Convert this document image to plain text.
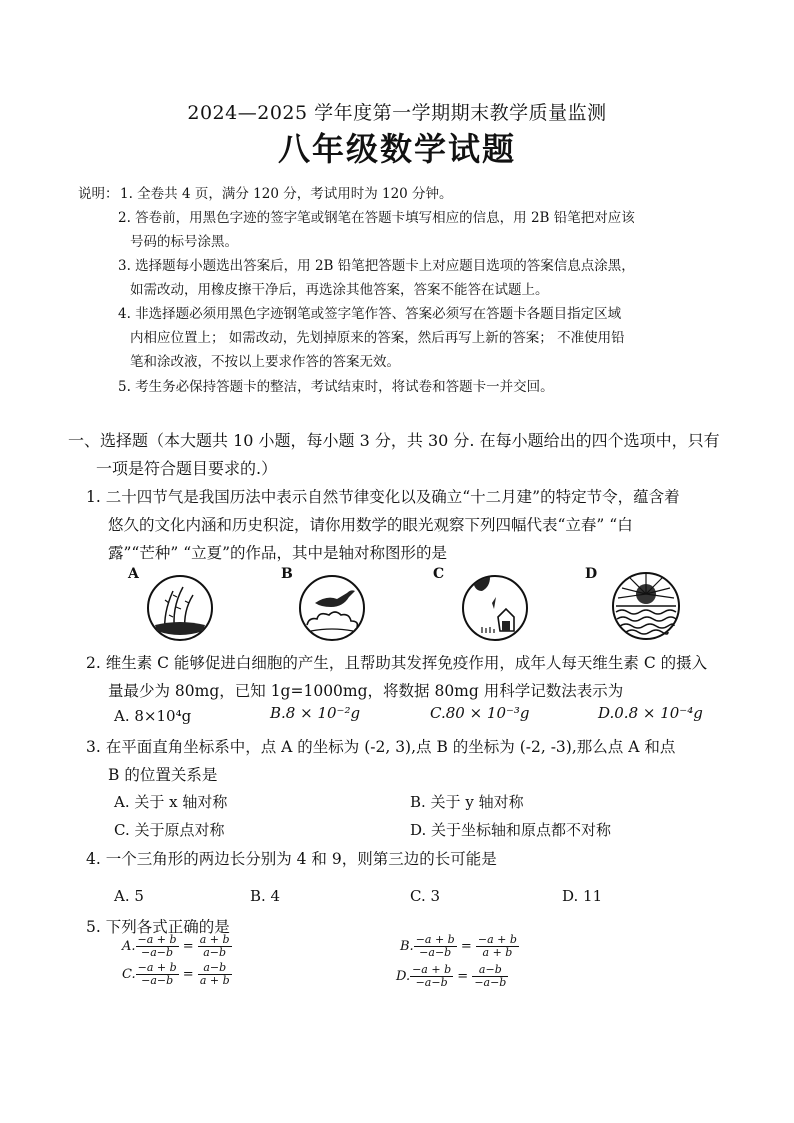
2024—2025 学年度第一学期期末教学质量监测
八年级数学试题
说明： 1. 全卷共 4 页，满分 120 分，考试用时为 120 分钟。
2. 答卷前，用黑色字迹的签字笔或钢笔在答题卡填写相应的信息，用 2B 铅笔把对应该
号码的标号涂黑。
3. 选择题每小题选出答案后，用 2B 铅笔把答题卡上对应题目选项的答案信息点涂黑，
如需改动，用橡皮擦干净后，再选涂其他答案，答案不能答在试题上。
4. 非选择题必须用黑色字迹钢笔或签字笔作答、答案必须写在答题卡各题目指定区域
内相应位置上； 如需改动，先划掉原来的答案，然后再写上新的答案； 不准使用铅
笔和涂改液，不按以上要求作答的答案无效。
5. 考生务必保持答题卡的整洁，考试结束时，将试卷和答题卡一并交回。
一、选择题（本大题共 10 小题，每小题 3 分，共 30 分. 在每小题给出的四个选项中，只有
一项是符合题目要求的.）
1. 二十四节气是我国历法中表示自然节律变化以及确立“十二月建”的特定节令，蕴含着
悠久的文化内涵和历史积淀，请你用数学的眼光观察下列四幅代表“立春” “白
露”“芒种” “立夏”的作品，其中是轴对称图形的是
A	B	C	D
2. 维生素 C 能够促进白细胞的产生，且帮助其发挥免疫作用，成年人每天维生素 C 的摄入
量最少为 80mg，已知 1g=1000mg，将数据 80mg 用科学记数法表示为
A. 8×10⁴g	B.8 × 10⁻²g	C.80 × 10⁻³g	D.0.8 × 10⁻⁴g
3. 在平面直角坐标系中，点 A 的坐标为 (-2, 3),点 B 的坐标为 (-2, -3),那么点 A 和点
B 的位置关系是
A. 关于 x 轴对称	B. 关于 y 轴对称
C. 关于原点对称	D. 关于坐标轴和原点都不对称
4. 一个三角形的两边长分别为 4 和 9，则第三边的长可能是
A. 5	B. 4	C. 3	D. 11
5. 下列各式正确的是
A. $\frac{-a + b}{-a-b} = \frac{a + b}{a-b}$	B. $\frac{-a + b}{-a-b} = \frac{-a + b}{a + b}$
C. $\frac{-a + b}{-a-b} = \frac{a-b}{a + b}$	D. $\frac{-a + b}{-a-b} = \frac{a-b}{-a-b}$
